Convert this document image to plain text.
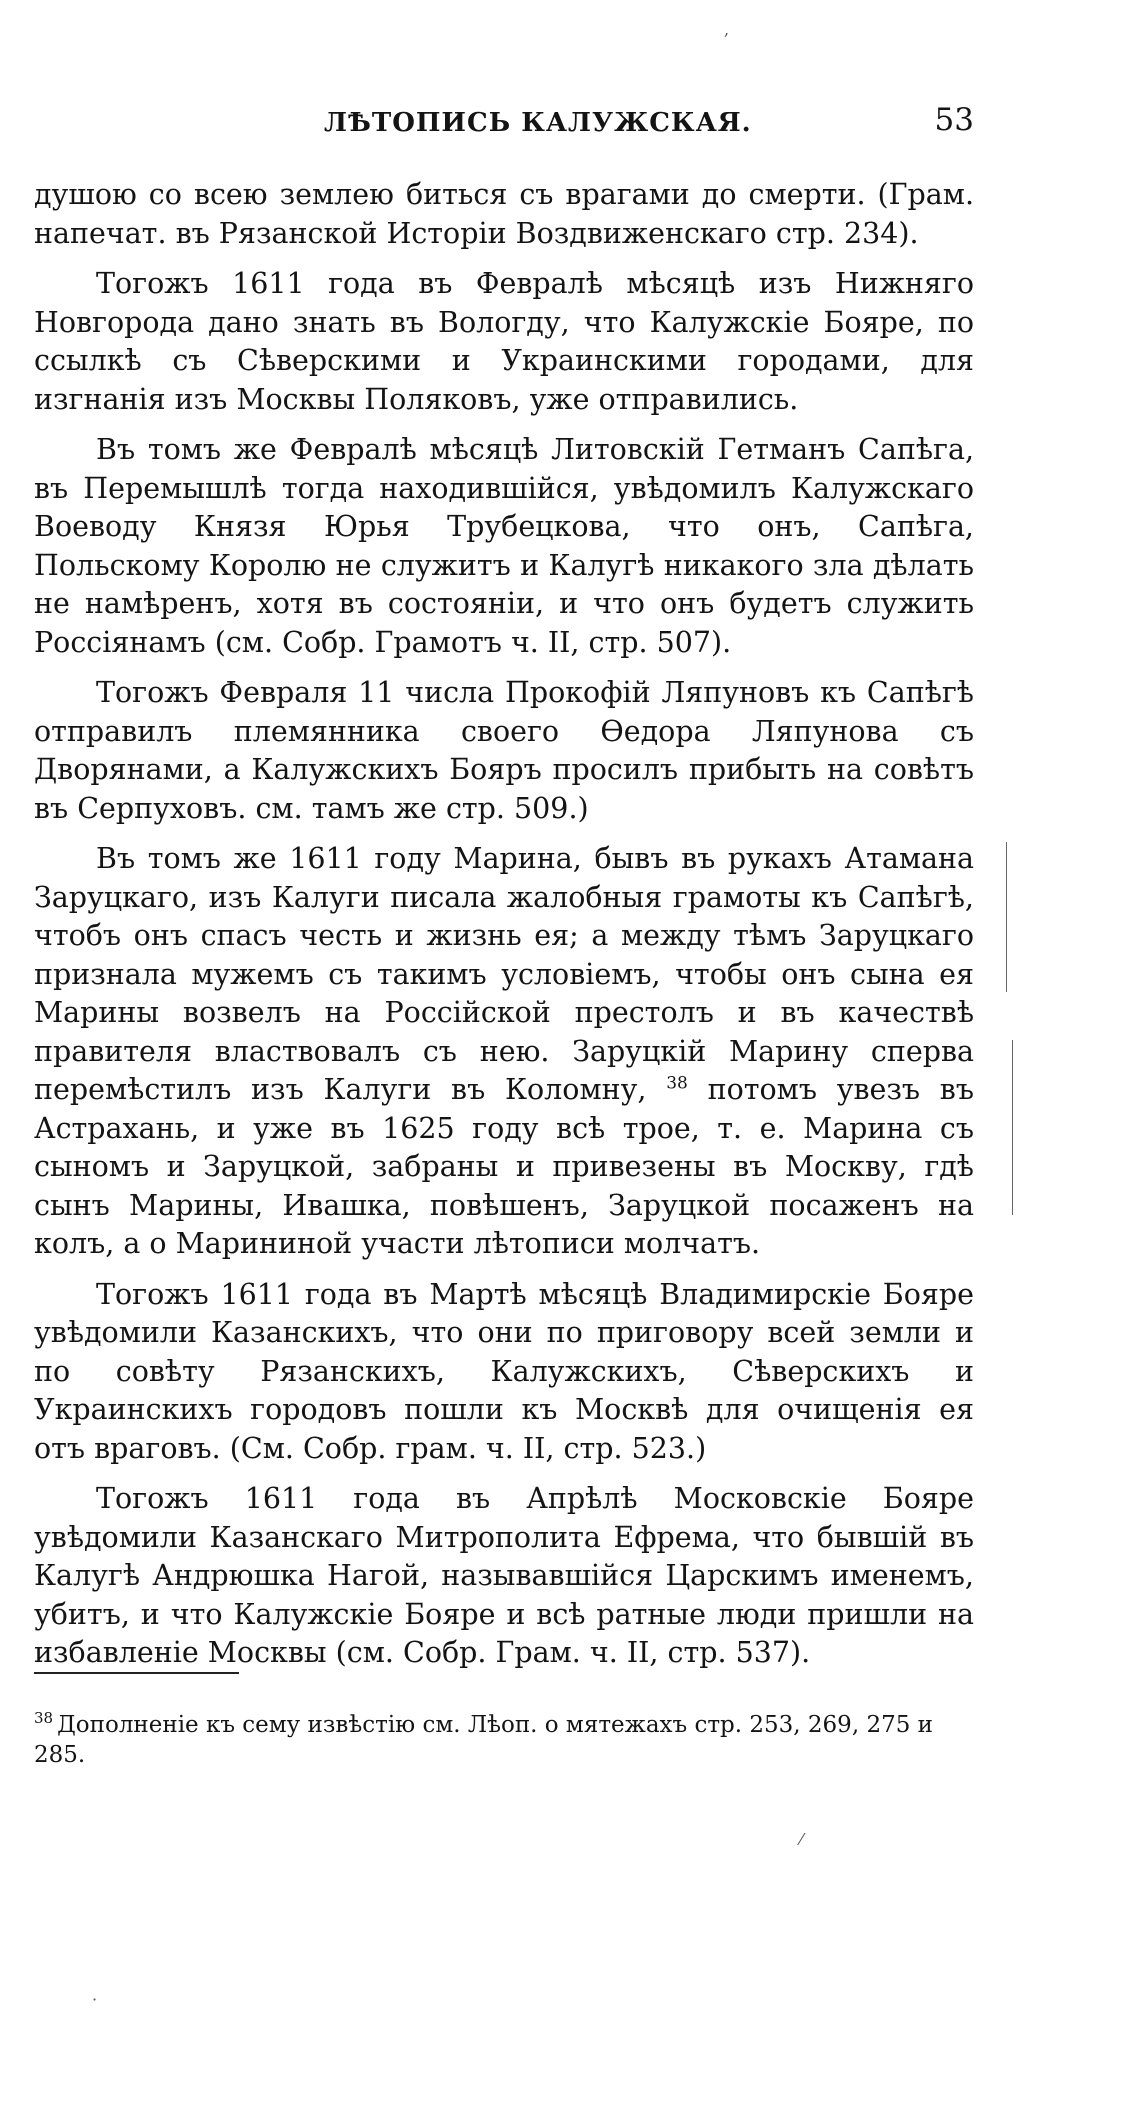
ЛѢТОПИСЬ КАЛУЖСКАЯ.	53

душою со всею землею биться съ врагами до смерти. (Грам. напечат. въ Рязанской Исторіи Воздвиженскаго стр. 234).

Тогожъ 1611 года въ Февралѣ мѣсяцѣ изъ Нижняго Новгорода дано знать въ Вологду, что Калужскіе Бояре, по ссылкѣ съ Сѣверскими и Украинскими городами, для изгнанія изъ Москвы Поляковъ, уже отправились.

Въ томъ же Февралѣ мѣсяцѣ Литовскій Гетманъ Сапѣга, въ Перемышлѣ тогда находившійся, увѣдомилъ Калужскаго Воеводу Князя Юрья Трубецкова, что онъ, Сапѣга, Польскому Королю не служитъ и Калугѣ никакого зла дѣлать не намѣренъ, хотя въ состояніи, и что онъ будетъ служить Россіянамъ (см. Собр. Грамотъ ч. II, стр. 507).

Тогожъ Февраля 11 числа Прокофій Ляпуновъ къ Сапѣгѣ отправилъ племянника своего Ѳедора Ляпунова съ Дворянами, а Калужскихъ Бояръ просилъ прибыть на совѣтъ въ Серпуховъ. см. тамъ же стр. 509.)

Въ томъ же 1611 году Марина, бывъ въ рукахъ Атамана Заруцкаго, изъ Калуги писала жалобныя грамоты къ Сапѣгѣ, чтобъ онъ спасъ честь и жизнь ея; а между тѣмъ Заруцкаго признала мужемъ съ такимъ условіемъ, чтобы онъ сына ея Марины возвелъ на Россійской престолъ и въ качествѣ правителя властвовалъ съ нею. Заруцкій Марину сперва перемѣстилъ изъ Калуги въ Коломну, $^{38}$ потомъ увезъ въ Астрахань, и уже въ 1625 году всѣ трое, т. е. Марина съ сыномъ и Заруцкой, забраны и привезены въ Москву, гдѣ сынъ Марины, Ивашка, повѣшенъ, Заруцкой посаженъ на колъ, а о Марининой участи лѣтописи молчатъ.

Тогожъ 1611 года въ Мартѣ мѣсяцѣ Владимирскіе Бояре увѣдомили Казанскихъ, что они по приговору всей земли и по совѣту Рязанскихъ, Калужскихъ, Сѣверскихъ и Украинскихъ городовъ пошли къ Москвѣ для очищенія ея отъ враговъ. (См. Собр. грам. ч. II, стр. 523.)

Тогожъ 1611 года въ Апрѣлѣ Московскіе Бояре увѣдомили Казанскаго Митрополита Ефрема, что бывшій въ Калугѣ Андрюшка Нагой, называвшійся Царскимъ именемъ, убитъ, и что Калужскіе Бояре и всѣ ратные люди пришли на избавленіе Москвы (см. Собр. Грам. ч. II, стр. 537).

$^{38}$ Дополненіе къ сему извѣстію см. Лѣоп. о мятежахъ стр. 253, 269, 275 и 285.
,
⁄
·
